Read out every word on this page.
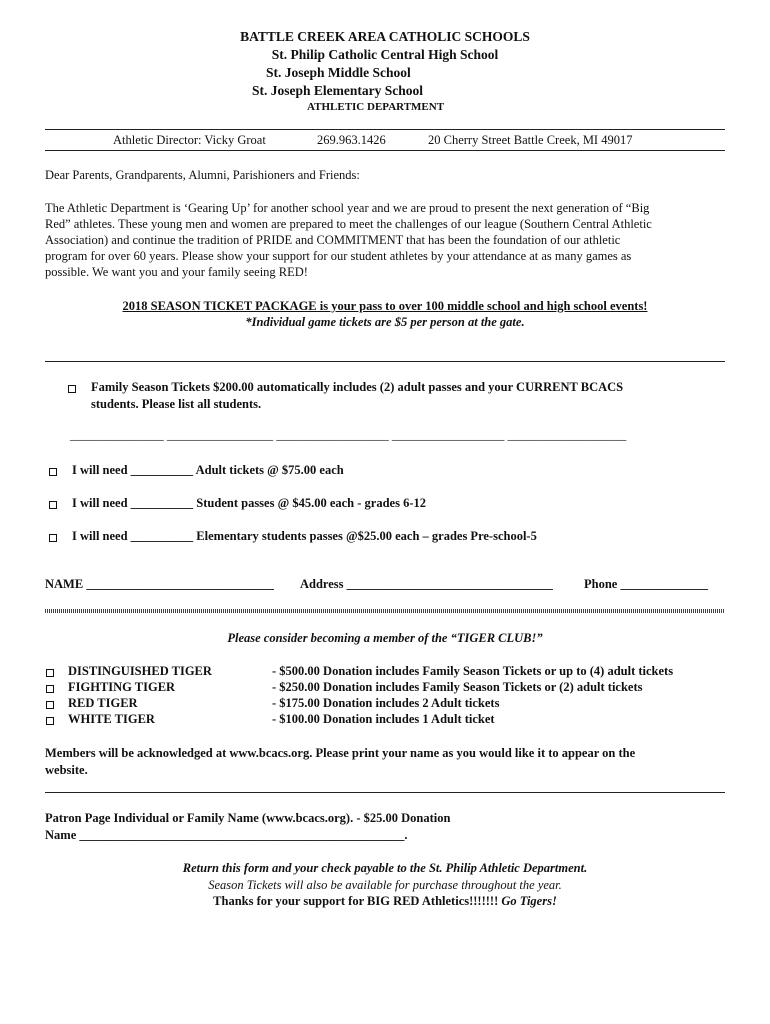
BATTLE CREEK AREA CATHOLIC SCHOOLS
St. Philip Catholic Central High School
St. Joseph Middle School
St. Joseph Elementary School
ATHLETIC DEPARTMENT
Athletic Director: Vicky Groat	269.963.1426	20 Cherry Street Battle Creek, MI 49017
Dear Parents, Grandparents, Alumni, Parishioners and Friends:
The Athletic Department is ‘Gearing Up’ for another school year and we are proud to present the next generation of “Big
Red” athletes. These young men and women are prepared to meet the challenges of our league (Southern Central Athletic
Association) and continue the tradition of PRIDE and COMMITMENT that has been the foundation of our athletic
program for over 60 years. Please show your support for our student athletes by your attendance at as many games as
possible. We want you and your family seeing RED!
2018 SEASON TICKET PACKAGE is your pass to over 100 middle school and high school events!
*Individual game tickets are $5 per person at the gate.
Family Season Tickets $200.00 automatically includes (2) adult passes and your CURRENT BCACS
students. Please list all students.
_______________ _________________ __________________ __________________ ___________________
I will need __________ Adult tickets @ $75.00 each
I will need __________ Student passes @ $45.00 each - grades 6-12
I will need __________ Elementary students passes @$25.00 each – grades Pre-school-5
NAME ______________________________ Address _________________________________ Phone ______________
Please consider becoming a member of the “TIGER CLUB!”
DISTINGUISHED TIGER	- $500.00 Donation includes Family Season Tickets or up to (4) adult tickets
FIGHTING TIGER	- $250.00 Donation includes Family Season Tickets or (2) adult tickets
RED TIGER	- $175.00 Donation includes 2 Adult tickets
WHITE TIGER	- $100.00 Donation includes 1 Adult ticket
Members will be acknowledged at www.bcacs.org. Please print your name as you would like it to appear on the
website.
Patron Page Individual or Family Name (www.bcacs.org). - $25.00 Donation
Name ____________________________________________________.
Return this form and your check payable to the St. Philip Athletic Department.
Season Tickets will also be available for purchase throughout the year.
Thanks for your support for BIG RED Athletics!!!!!!! Go Tigers!
